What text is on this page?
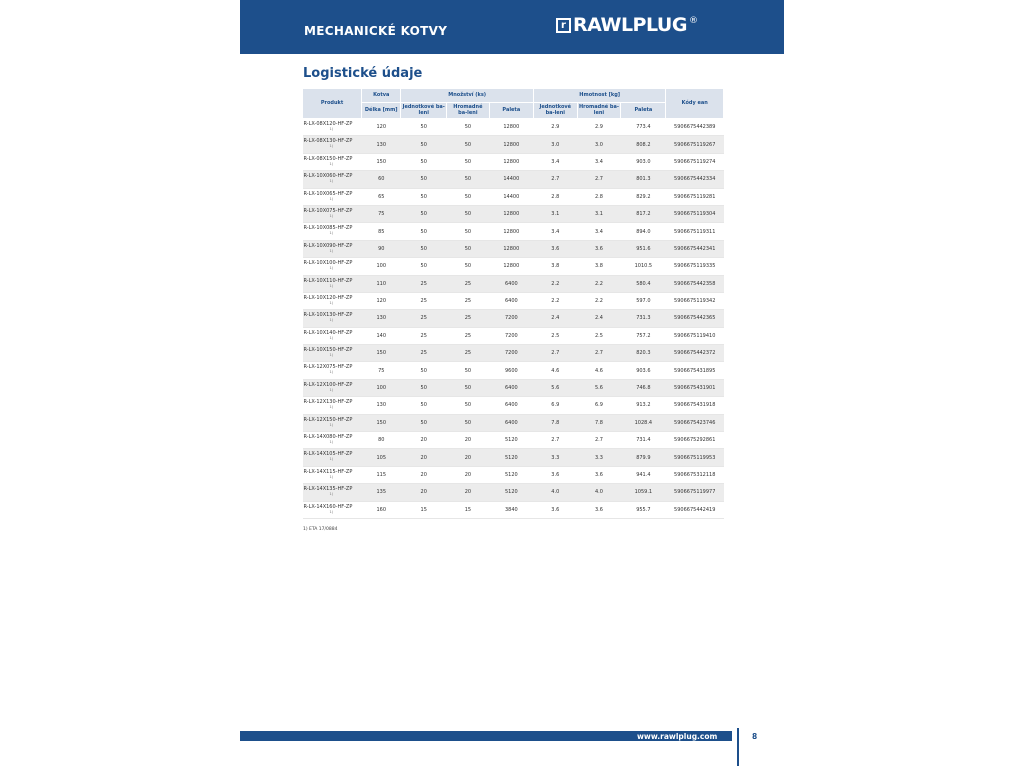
MECHANICKÉ KOTVY	r RAWLPLUG ®
Logistické údaje
Produkt	Kotva	Množství (ks)			Hmotnost [kg]			Kódy ean
	Délka [mm]	Jednotkové ba-leni	Hromadné ba-leni	Paleta	Jednotkové ba-leni	Hromadné ba-leni	Paleta	

R-LX-08X120-HF-ZP
1)	120	50	50	12800	2.9	2.9	773.4	5906675442389

R-LX-08X130-HF-ZP
1)	130	50	50	12800	3.0	3.0	808.2	5906675119267

R-LX-08X150-HF-ZP
1)	150	50	50	12800	3.4	3.4	903.0	5906675119274

R-LX-10X060-HF-ZP
1)	60	50	50	14400	2.7	2.7	801.3	5906675442334

R-LX-10X065-HF-ZP
1)	65	50	50	14400	2.8	2.8	829.2	5906675119281

R-LX-10X075-HF-ZP
1)	75	50	50	12800	3.1	3.1	817.2	5906675119304

R-LX-10X085-HF-ZP
1)	85	50	50	12800	3.4	3.4	894.0	5906675119311

R-LX-10X090-HF-ZP
1)	90	50	50	12800	3.6	3.6	951.6	5906675442341

R-LX-10X100-HF-ZP
1)	100	50	50	12800	3.8	3.8	1010.5	5906675119335

R-LX-10X110-HF-ZP
1)	110	25	25	6400	2.2	2.2	580.4	5906675442358

R-LX-10X120-HF-ZP
1)	120	25	25	6400	2.2	2.2	597.0	5906675119342

R-LX-10X130-HF-ZP
1)	130	25	25	7200	2.4	2.4	731.3	5906675442365

R-LX-10X140-HF-ZP
1)	140	25	25	7200	2.5	2.5	757.2	5906675119410

R-LX-10X150-HF-ZP
1)	150	25	25	7200	2.7	2.7	820.3	5906675442372

R-LX-12X075-HF-ZP
1)	75	50	50	9600	4.6	4.6	903.6	5906675431895

R-LX-12X100-HF-ZP
1)	100	50	50	6400	5.6	5.6	746.8	5906675431901

R-LX-12X130-HF-ZP
1)	130	50	50	6400	6.9	6.9	913.2	5906675431918

R-LX-12X150-HF-ZP
1)	150	50	50	6400	7.8	7.8	1028.4	5906675423746

R-LX-14X080-HF-ZP
1)	80	20	20	5120	2.7	2.7	731.4	5906675292861

R-LX-14X105-HF-ZP
1)	105	20	20	5120	3.3	3.3	879.9	5906675119953

R-LX-14X115-HF-ZP
1)	115	20	20	5120	3.6	3.6	941.4	5906675312118

R-LX-14X135-HF-ZP
1)	135	20	20	5120	4.0	4.0	1059.1	5906675119977

R-LX-14X160-HF-ZP
1)	160	15	15	3840	3.6	3.6	955.7	5906675442419
1) ETA 17/0884
www.rawlplug.com	8
